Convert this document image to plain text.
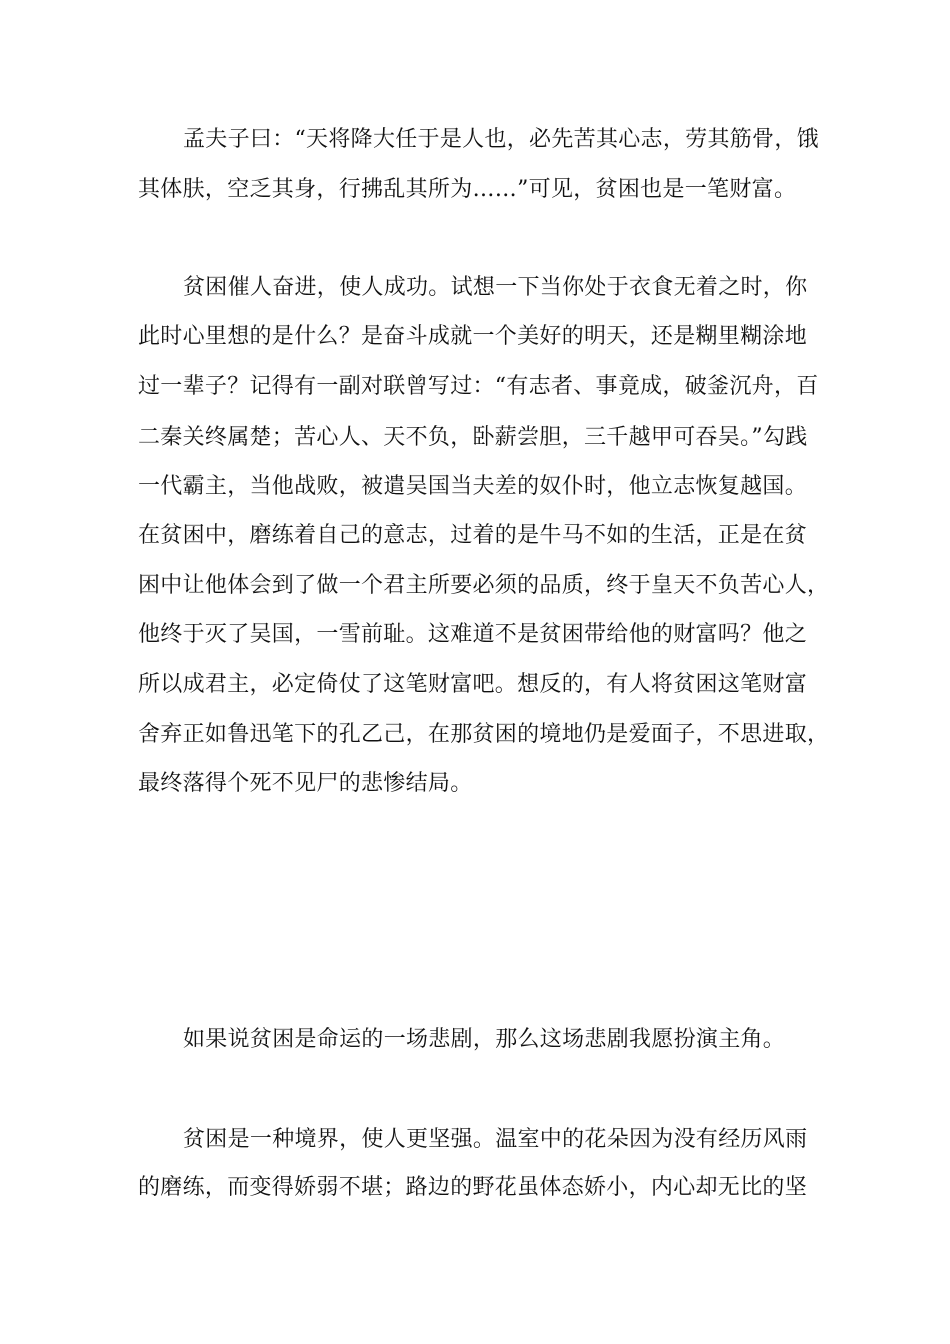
孟夫子曰：“天将降大任于是人也，必先苦其心志，劳其筋骨，饿

其体肤，空乏其身，行拂乱其所为……”可见，贫困也是一笔财富。

贫困催人奋进，使人成功。试想一下当你处于衣食无着之时，你

此时心里想的是什么？是奋斗成就一个美好的明天，还是糊里糊涂地

过一辈子？记得有一副对联曾写过：“有志者、事竟成，破釜沉舟，百

二秦关终属楚；苦心人、天不负，卧薪尝胆，三千越甲可吞吴。”勾践

一代霸主，当他战败，被遣吴国当夫差的奴仆时，他立志恢复越国。

在贫困中，磨练着自己的意志，过着的是牛马不如的生活，正是在贫

困中让他体会到了做一个君主所要必须的品质，终于皇天不负苦心人，

他终于灭了吴国，一雪前耻。这难道不是贫困带给他的财富吗？他之

所以成君主，必定倚仗了这笔财富吧。想反的，有人将贫困这笔财富

舍弃正如鲁迅笔下的孔乙己，在那贫困的境地仍是爱面子，不思进取，

最终落得个死不见尸的悲惨结局。

如果说贫困是命运的一场悲剧，那么这场悲剧我愿扮演主角。

贫困是一种境界，使人更坚强。温室中的花朵因为没有经历风雨

的磨练，而变得娇弱不堪；路边的野花虽体态娇小，内心却无比的坚
